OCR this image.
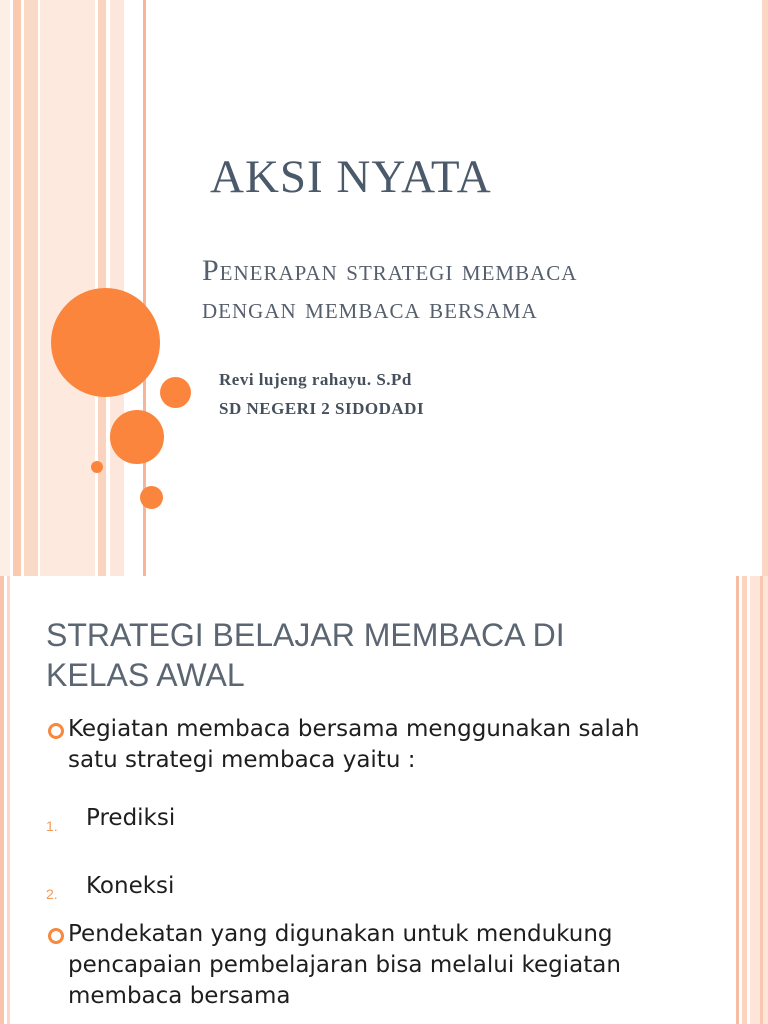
AKSI NYATA
Penerapan strategi membaca
dengan membaca bersama
Revi lujeng rahayu. S.Pd
SD NEGERI 2 SIDODADI
STRATEGI BELAJAR MEMBACA DI
KELAS AWAL
Kegiatan membaca bersama menggunakan salah
satu strategi membaca yaitu :
1. Prediksi
2. Koneksi
Pendekatan yang digunakan untuk mendukung
pencapaian pembelajaran bisa melalui kegiatan
membaca bersama
